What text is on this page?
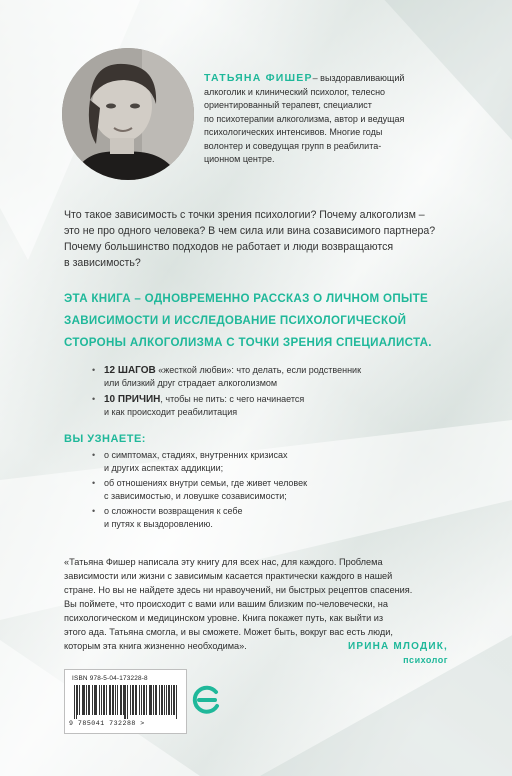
ТАТЬЯНА ФИШЕР– выздоравливающий
алкоголик и клинический психолог, телесно
ориентированный терапевт, специалист
по психотерапии алкоголизма, автор и ведущая
психологических интенсивов. Многие годы
волонтер и соведущая групп в реабилита-
ционном центре.
Что такое зависимость с точки зрения психологии? Почему алкоголизм –
это не про одного человека? В чем сила или вина созависимого партнера?
Почему большинство подходов не работает и люди возвращаются
в зависимость?
ЭТА КНИГА – ОДНОВРЕМЕННО РАССКАЗ О ЛИЧНОМ ОПЫТЕ
ЗАВИСИМОСТИ И ИССЛЕДОВАНИЕ ПСИХОЛОГИЧЕСКОЙ
СТОРОНЫ АЛКОГОЛИЗМА С ТОЧКИ ЗРЕНИЯ СПЕЦИАЛИСТА.
• 12 ШАГОВ «жесткой любви»: что делать, если родственник
или близкий друг страдает алкоголизмом
• 10 ПРИЧИН, чтобы не пить: с чего начинается
и как происходит реабилитация
ВЫ УЗНАЕТЕ:
• о симптомах, стадиях, внутренних кризисах
и других аспектах аддикции;
• об отношениях внутри семьи, где живет человек
с зависимостью, и ловушке созависимости;
• о сложности возвращения к себе
и путях к выздоровлению.
«Татьяна Фишер написала эту книгу для всех нас, для каждого. Проблема
зависимости или жизни с зависимым касается практически каждого в нашей
стране. Но вы не найдете здесь ни нравоучений, ни быстрых рецептов спасения.
Вы поймете, что происходит с вами или вашим близким по-человечески, на
психологическом и медицинском уровне. Книга покажет путь, как выйти из
этого ада. Татьяна смогла, и вы сможете. Может быть, вокруг вас есть люди,
которым эта книга жизненно необходима».	ИРИНА МЛОДИК,
психолог
ISBN 978-5-04-173228-8
9 785041 732288 >
